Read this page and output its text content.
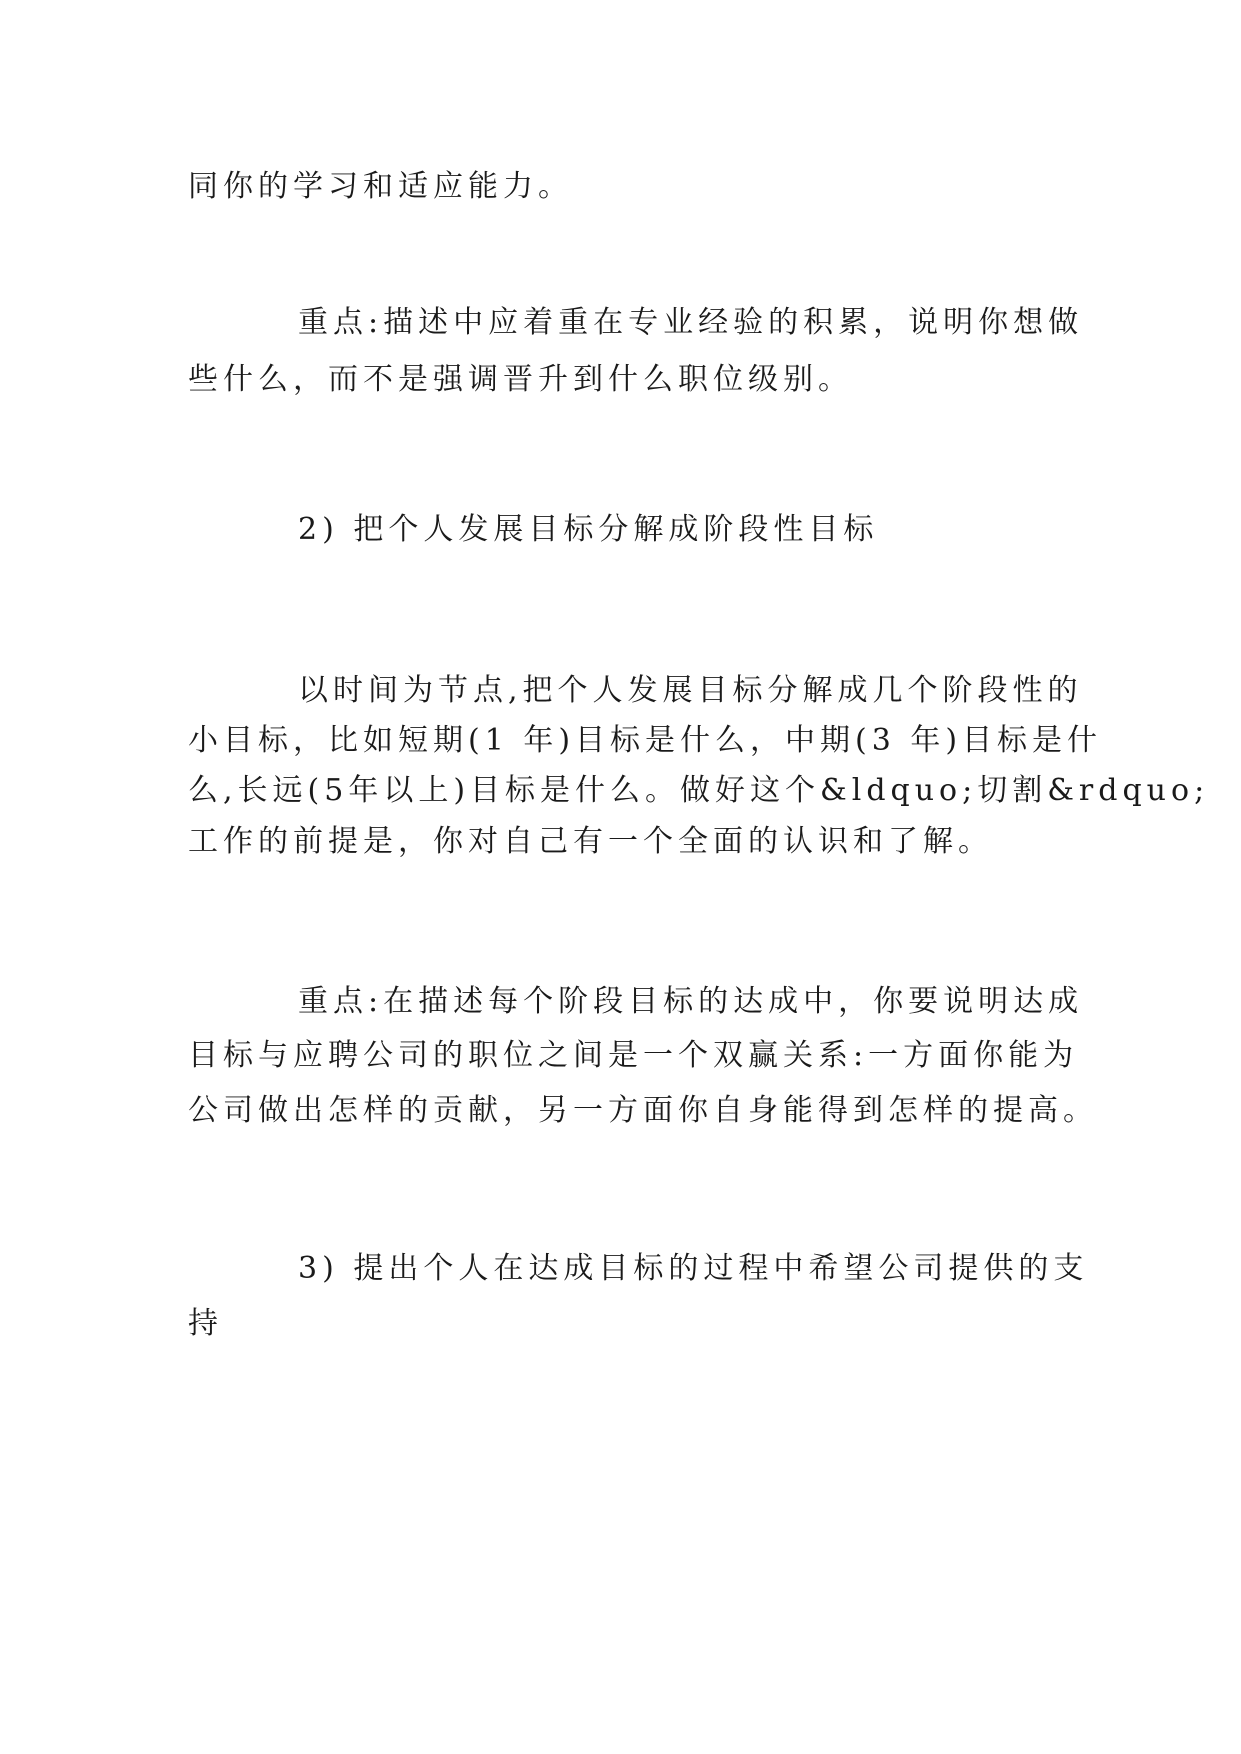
同你的学习和适应能力。
重点:描述中应着重在专业经验的积累，说明你想做
些什么，而不是强调晋升到什么职位级别。
2) 把个人发展目标分解成阶段性目标
以时间为节点,把个人发展目标分解成几个阶段性的
小目标，比如短期(1 年)目标是什么，中期(3 年)目标是什
么,长远(5年以上)目标是什么。做好这个&ldquo;切割&rdquo;
工作的前提是，你对自己有一个全面的认识和了解。
重点:在描述每个阶段目标的达成中，你要说明达成
目标与应聘公司的职位之间是一个双赢关系:一方面你能为
公司做出怎样的贡献，另一方面你自身能得到怎样的提高。
3) 提出个人在达成目标的过程中希望公司提供的支
持
